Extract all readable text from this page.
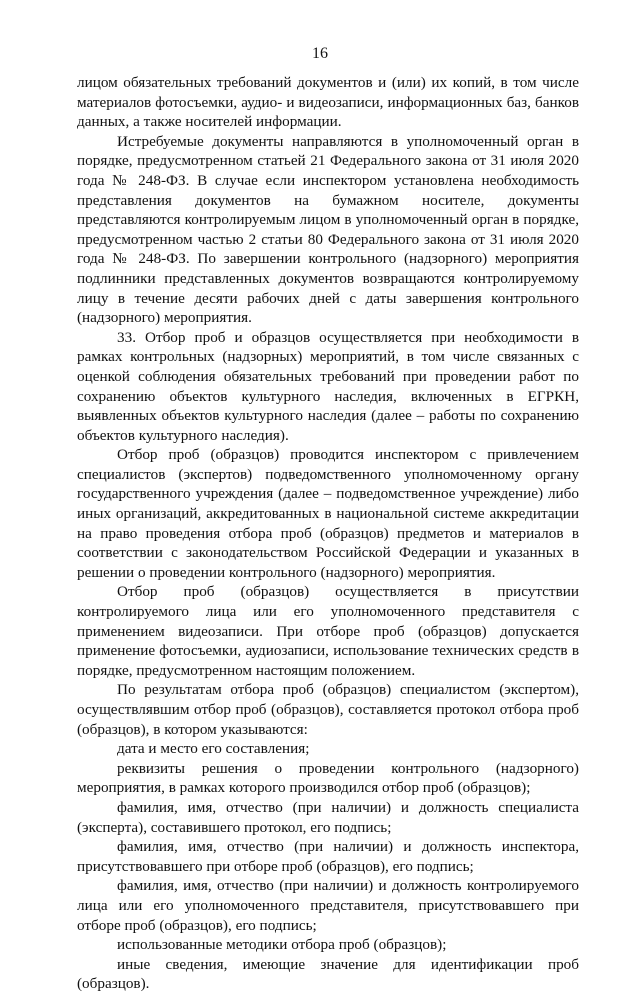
16

лицом обязательных требований документов и (или) их копий, в том числе материалов фотосъемки, аудио- и видеозаписи, информационных баз, банков данных, а также носителей информации.

Истребуемые документы направляются в уполномоченный орган в порядке, предусмотренном статьей 21 Федерального закона от 31 июля 2020 года № 248-ФЗ. В случае если инспектором установлена необходимость представления документов на бумажном носителе, документы представляются контролируемым лицом в уполномоченный орган в порядке, предусмотренном частью 2 статьи 80 Федерального закона от 31 июля 2020 года № 248-ФЗ. По завершении контрольного (надзорного) мероприятия подлинники представленных документов возвращаются контролируемому лицу в течение десяти рабочих дней с даты завершения контрольного (надзорного) мероприятия.

33. Отбор проб и образцов осуществляется при необходимости в рамках контрольных (надзорных) мероприятий, в том числе связанных с оценкой соблюдения обязательных требований при проведении работ по сохранению объектов культурного наследия, включенных в ЕГРКН, выявленных объектов культурного наследия (далее – работы по сохранению объектов культурного наследия).

Отбор проб (образцов) проводится инспектором с привлечением специалистов (экспертов) подведомственного уполномоченному органу государственного учреждения (далее – подведомственное учреждение) либо иных организаций, аккредитованных в национальной системе аккредитации на право проведения отбора проб (образцов) предметов и материалов в соответствии с законодательством Российской Федерации и указанных в решении о проведении контрольного (надзорного) мероприятия.

Отбор проб (образцов) осуществляется в присутствии контролируемого лица или его уполномоченного представителя с применением видеозаписи. При отборе проб (образцов) допускается применение фотосъемки, аудиозаписи, использование технических средств в порядке, предусмотренном настоящим положением.

По результатам отбора проб (образцов) специалистом (экспертом), осуществлявшим отбор проб (образцов), составляется протокол отбора проб (образцов), в котором указываются:

дата и место его составления;

реквизиты решения о проведении контрольного (надзорного) мероприятия, в рамках которого производился отбор проб (образцов);

фамилия, имя, отчество (при наличии) и должность специалиста (эксперта), составившего протокол, его подпись;

фамилия, имя, отчество (при наличии) и должность инспектора, присутствовавшего при отборе проб (образцов), его подпись;

фамилия, имя, отчество (при наличии) и должность контролируемого лица или его уполномоченного представителя, присутствовавшего при отборе проб (образцов), его подпись;

использованные методики отбора проб (образцов);

иные сведения, имеющие значение для идентификации проб (образцов).
